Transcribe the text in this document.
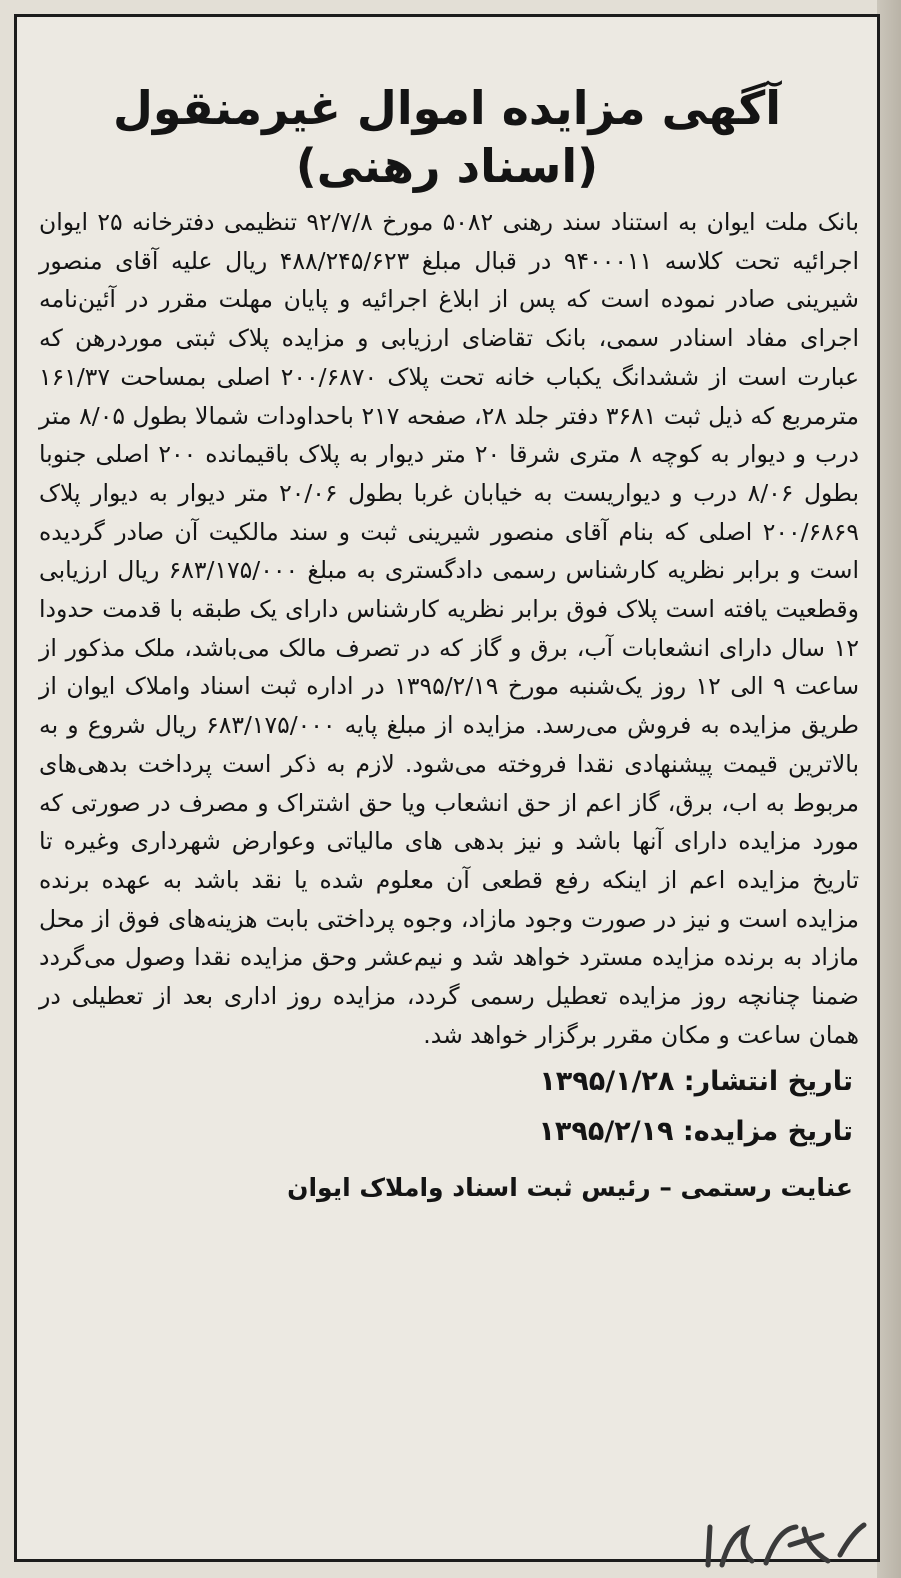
آگهی مزایده اموال غیرمنقول
(اسناد رهنی)
بانک ملت ایوان به استناد سند رهنی ۵۰۸۲ مورخ ۹۲/۷/۸ تنظیمی دفترخانه ۲۵ ایوان اجرائیه تحت کلاسه ۹۴۰۰۰۱۱ در قبال مبلغ ۴۸۸/۲۴۵/۶۲۳ ریال علیه آقای منصور شیرینی صادر نموده است که پس از ابلاغ اجرائیه و پایان مهلت مقرر در آئین‌نامه اجرای مفاد اسنادر سمی، بانک تقاضای ارزیابی و مزایده پلاک ثبتی موردرهن که عبارت است از ششدانگ یکباب خانه تحت پلاک ۲۰۰/۶۸۷۰ اصلی بمساحت ۱۶۱/۳۷ مترمربع که ذیل ثبت ۳۶۸۱ دفتر جلد ۲۸، صفحه ۲۱۷ باحداودات شمالا بطول ۸/۰۵ متر درب و دیوار به کوچه ۸ متری شرقا ۲۰ متر دیوار به پلاک باقیمانده ۲۰۰ اصلی جنوبا بطول ۸/۰۶ درب و دیواریست به خیابان غربا بطول ۲۰/۰۶ متر دیوار به دیوار پلاک ۲۰۰/۶۸۶۹ اصلی که بنام آقای منصور شیرینی ثبت و سند مالکیت آن صادر گردیده است و برابر نظریه کارشناس رسمی دادگستری به مبلغ ۶۸۳/۱۷۵/۰۰۰ ریال ارزیابی وقطعیت یافته است پلاک فوق برابر نظریه کارشناس دارای یک طبقه با قدمت حدودا ۱۲ سال دارای انشعابات آب، برق و گاز که در تصرف مالک می‌باشد، ملک مذکور از ساعت ۹ الی ۱۲ روز یک‌شنبه مورخ ۱۳۹۵/۲/۱۹ در اداره ثبت اسناد واملاک ایوان از طریق مزایده به فروش می‌رسد. مزایده از مبلغ پایه ۶۸۳/۱۷۵/۰۰۰ ریال شروع و به بالاترین قیمت پیشنهادی نقدا فروخته می‌شود. لازم به ذکر است پرداخت بدهی‌های مربوط به اب، برق، گاز اعم از حق انشعاب ویا حق اشتراک و مصرف در صورتی که مورد مزایده دارای آنها باشد و نیز بدهی های مالیاتی وعوارض شهرداری وغیره تا تاریخ مزایده اعم از اینکه رفع قطعی آن معلوم شده یا نقد باشد به عهده برنده مزایده است و نیز در صورت وجود مازاد، وجوه پرداختی بابت هزینه‌های فوق از محل مازاد به برنده مزایده مسترد خواهد شد و نیم‌عشر وحق مزایده نقدا وصول می‌گردد ضمنا چنانچه روز مزایده تعطیل رسمی گردد، مزایده روز اداری بعد از تعطیلی در همان ساعت و مکان مقرر برگزار خواهد شد.
تاریخ انتشار: ۱۳۹۵/۱/۲۸
تاریخ مزایده: ۱۳۹۵/۲/۱۹
عنایت رستمی – رئیس ثبت اسناد واملاک ایوان
